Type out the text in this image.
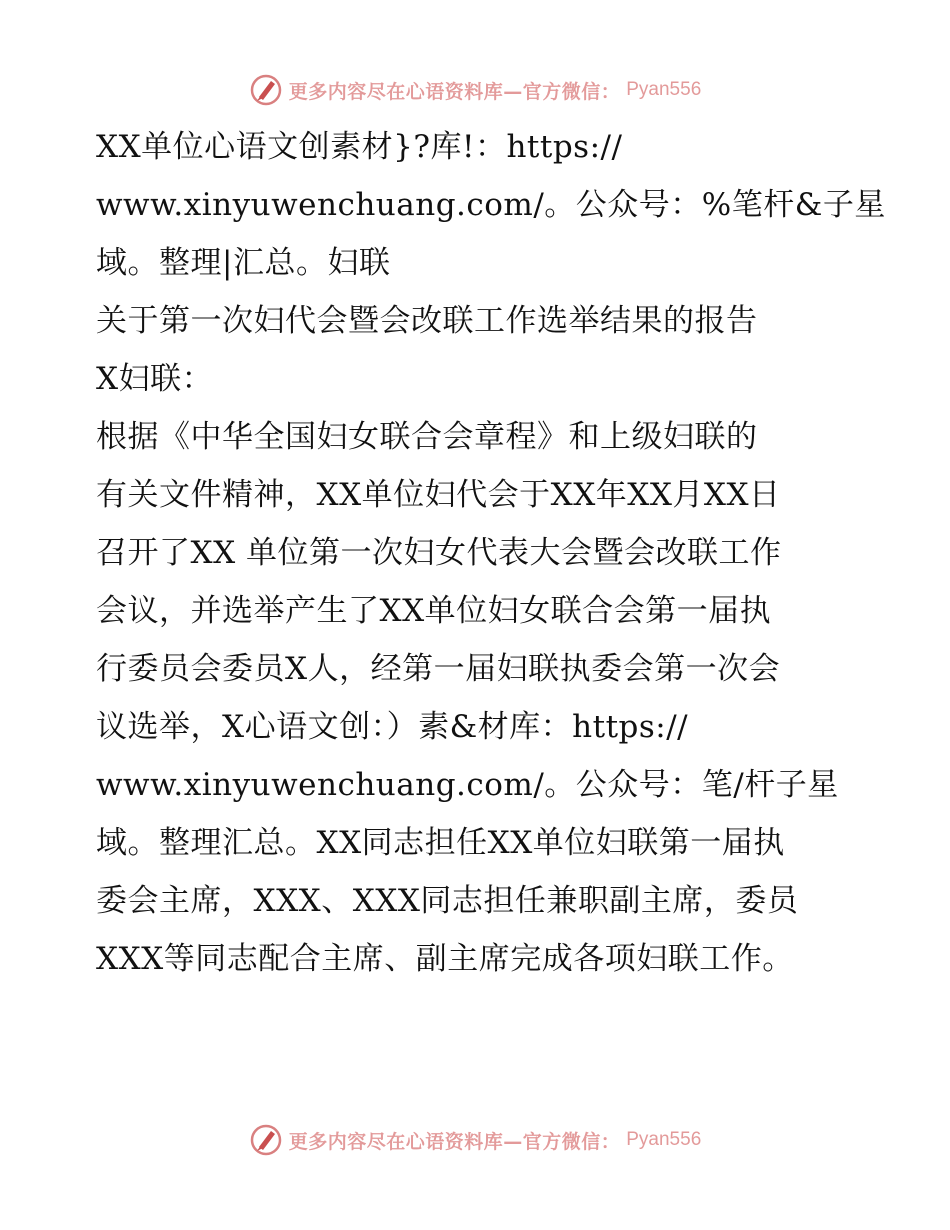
更多内容尽在心语资料库—官方微信： Pyan556
XX单位心语文创素材}?库!：https://
www.xinyuwenchuang.com/。公众号：%笔杆&子星
域。整理|汇总。妇联
关于第一次妇代会暨会改联工作选举结果的报告
X妇联：
根据《中华全国妇女联合会章程》和上级妇联的
有关文件精神，XX单位妇代会于XX年XX月XX日
召开了XX 单位第一次妇女代表大会暨会改联工作
会议，并选举产生了XX单位妇女联合会第一届执
行委员会委员X人，经第一届妇联执委会第一次会
议选举，X心语文创：）素&材库：https://
www.xinyuwenchuang.com/。公众号：笔/杆子星
域。整理汇总。XX同志担任XX单位妇联第一届执
委会主席，XXX、XXX同志担任兼职副主席，委员
XXX等同志配合主席、副主席完成各项妇联工作。
更多内容尽在心语资料库—官方微信： Pyan556
